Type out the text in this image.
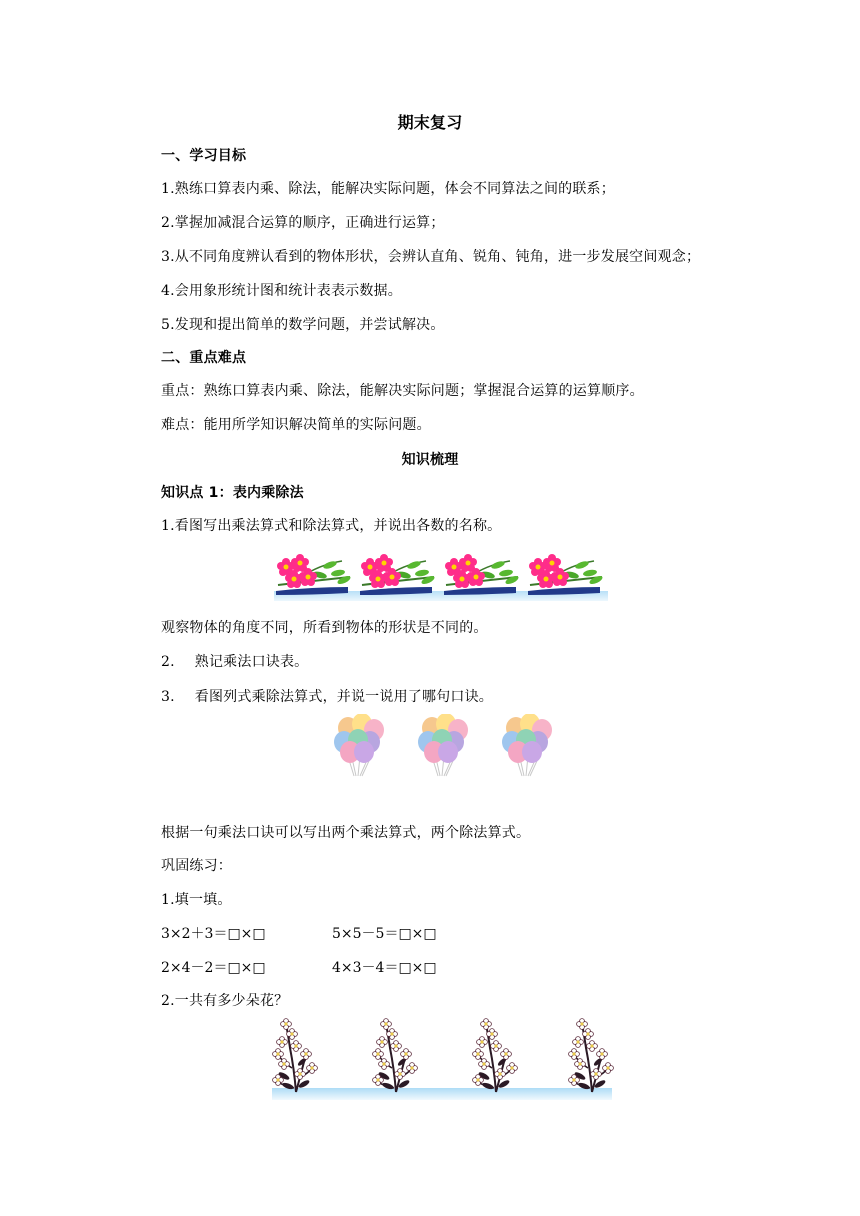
期末复习
一、学习目标
1.熟练口算表内乘、除法，能解决实际问题，体会不同算法之间的联系；
2.掌握加减混合运算的顺序，正确进行运算；
3.从不同角度辨认看到的物体形状，会辨认直角、锐角、钝角，进一步发展空间观念；
4.会用象形统计图和统计表表示数据。
5.发现和提出简单的数学问题，并尝试解决。
二、重点难点
重点：熟练口算表内乘、除法，能解决实际问题；掌握混合运算的运算顺序。
难点：能用所学知识解决简单的实际问题。
知识梳理
知识点 1：表内乘除法
1.看图写出乘法算式和除法算式，并说出各数的名称。
观察物体的角度不同，所看到物体的形状是不同的。
2. 熟记乘法口诀表。
3. 看图列式乘除法算式，并说一说用了哪句口诀。
根据一句乘法口诀可以写出两个乘法算式，两个除法算式。
巩固练习：
1.填一填。
3×2＋3＝□×□	5×5－5＝□×□
2×4－2＝□×□	4×3－4＝□×□
2.一共有多少朵花？
